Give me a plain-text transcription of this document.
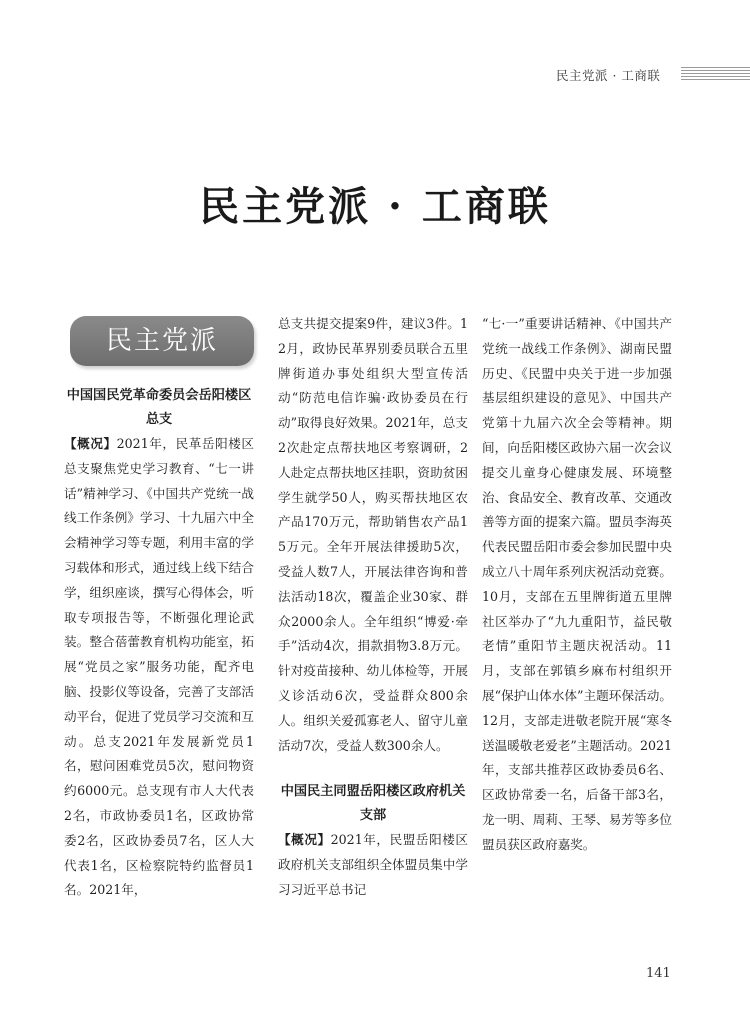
民主党派 · 工商联
民主党派 · 工商联
民主党派
中国国民党革命委员会岳阳楼区总支

【概况】2021年，民革岳阳楼区总支聚焦党史学习教育、“七一讲话”精神学习、《中国共产党统一战线工作条例》学习、十九届六中全会精神学习等专题，利用丰富的学习载体和形式，通过线上线下结合学，组织座谈，撰写心得体会，听取专项报告等，不断强化理论武装。整合蓓蕾教育机构功能室，拓展“党员之家”服务功能，配齐电脑、投影仪等设备，完善了支部活动平台，促进了党员学习交流和互动。总支2021年发展新党员1名，慰问困难党员5次，慰问物资约6000元。总支现有市人大代表2名，市政协委员1名，区政协常委2名，区政协委员7名，区人大代表1名，区检察院特约监督员1名。2021年，

总支共提交提案9件，建议3件。12月，政协民革界别委员联合五里牌街道办事处组织大型宣传活动“防范电信诈骗·政协委员在行动”取得良好效果。2021年，总支2次赴定点帮扶地区考察调研，2人赴定点帮扶地区挂职，资助贫困学生就学50人，购买帮扶地区农产品170万元，帮助销售农产品15万元。全年开展法律援助5次，受益人数7人，开展法律咨询和普法活动18次，覆盖企业30家、群众2000余人。全年组织“博爱·牵手”活动4次，捐款捐物3.8万元。针对疫苗接种、幼儿体检等，开展义诊活动6次，受益群众800余人。组织关爱孤寡老人、留守儿童活动7次，受益人数300余人。

中国民主同盟岳阳楼区政府机关支部

【概况】2021年，民盟岳阳楼区政府机关支部组织全体盟员集中学习习近平总书记

“七·一”重要讲话精神、《中国共产党统一战线工作条例》、湖南民盟历史、《民盟中央关于进一步加强基层组织建设的意见》、中国共产党第十九届六次全会等精神。期间，向岳阳楼区政协六届一次会议提交儿童身心健康发展、环境整治、食品安全、教育改革、交通改善等方面的提案六篇。盟员李海英代表民盟岳阳市委会参加民盟中央成立八十周年系列庆祝活动竞赛。10月，支部在五里牌街道五里牌社区举办了“九九重阳节，益民敬老情”重阳节主题庆祝活动。11月，支部在郭镇乡麻布村组织开展“保护山体水体”主题环保活动。12月，支部走进敬老院开展“寒冬送温暖敬老爱老”主题活动。2021年，支部共推荐区政协委员6名、区政协常委一名，后备干部3名，龙一明、周莉、王琴、易芳等多位盟员获区政府嘉奖。

141
